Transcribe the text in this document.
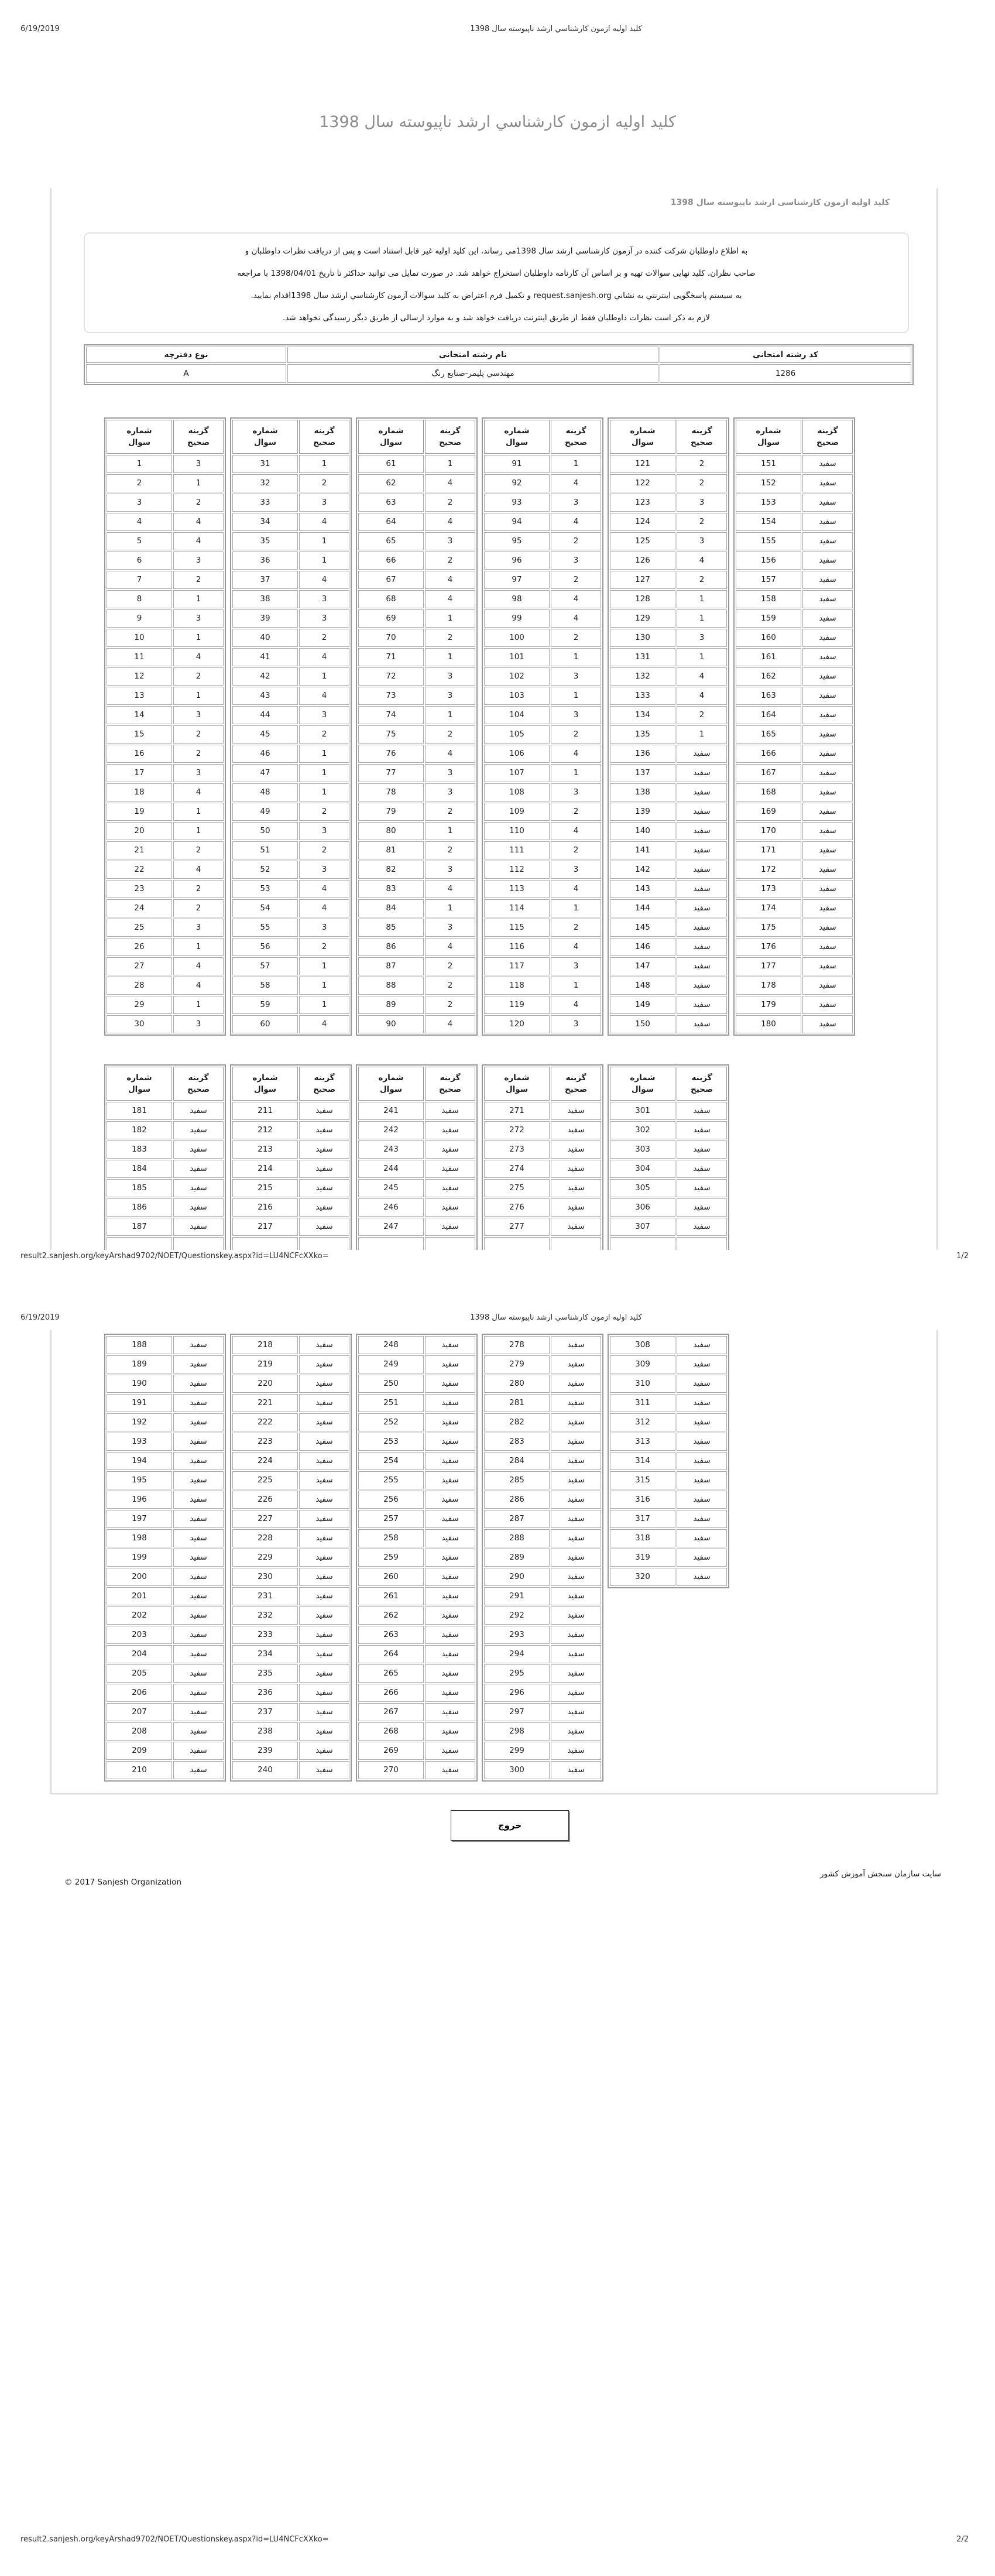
6/19/2019	کلید اولیه ازمون کارشناسي ارشد ناپیوسته سال 1398
کلید اولیه ازمون کارشناسي ارشد ناپیوسته سال 1398
کلید اولیه ازمون کارشناسی ارشد ناپیوسته سال 1398
به اطلاع داوطلبان شرکت کننده در آزمون کارشناسی ارشد سال 1398می رساند، این کلید اولیه غیر قابل استناد است و پس از دریافت نظرات داوطلبان و
صاحب نظران، کلید نهایی سوالات تهیه و بر اساس آن کارنامه داوطلبان استخراج خواهد شد. در صورت تمایل می توانید حداکثر تا تاریخ 1398/04/01 با مراجعه
به سیستم پاسخگویی اینترنتي به نشاني request.sanjesh.org و تکمیل فرم اعتراض به کلید سوالات آزمون کارشناسي ارشد سال 1398اقدام نمایید.
لازم به ذکر است نظرات داوطلبان فقط از طریق اینترنت دریافت خواهد شد و به موارد ارسالی از طریق دیگر رسیدگی نخواهد شد.
کد رشته امتحانی	نام رشته امتحانی	نوع دفترچه
1286	مهندسي پلیمر-صنایع رنگ	A
شماره
سوال	گزینه
صحیح
1	3
2	1
3	2
4	4
5	4
6	3
7	2
8	1
9	3
10	1
11	4
12	2
13	1
14	3
15	2
16	2
17	3
18	4
19	1
20	1
21	2
22	4
23	2
24	2
25	3
26	1
27	4
28	4
29	1
30	3
شماره
سوال	گزینه
صحیح
31	1
32	2
33	3
34	4
35	1
36	1
37	4
38	3
39	3
40	2
41	4
42	1
43	4
44	3
45	2
46	1
47	1
48	1
49	2
50	3
51	2
52	3
53	4
54	4
55	3
56	2
57	1
58	1
59	1
60	4
شماره
سوال	گزینه
صحیح
61	1
62	4
63	2
64	4
65	3
66	2
67	4
68	4
69	1
70	2
71	1
72	3
73	3
74	1
75	2
76	4
77	3
78	3
79	2
80	1
81	2
82	3
83	4
84	1
85	3
86	4
87	2
88	2
89	2
90	4
شماره
سوال	گزینه
صحیح
91	1
92	4
93	3
94	4
95	2
96	3
97	2
98	4
99	4
100	2
101	1
102	3
103	1
104	3
105	2
106	4
107	1
108	3
109	2
110	4
111	2
112	3
113	4
114	1
115	2
116	4
117	3
118	1
119	4
120	3
شماره
سوال	گزینه
صحیح
121	2
122	2
123	3
124	2
125	3
126	4
127	2
128	1
129	1
130	3
131	1
132	4
133	4
134	2
135	1
136	سفید
137	سفید
138	سفید
139	سفید
140	سفید
141	سفید
142	سفید
143	سفید
144	سفید
145	سفید
146	سفید
147	سفید
148	سفید
149	سفید
150	سفید
شماره
سوال	گزینه
صحیح
151	سفید
152	سفید
153	سفید
154	سفید
155	سفید
156	سفید
157	سفید
158	سفید
159	سفید
160	سفید
161	سفید
162	سفید
163	سفید
164	سفید
165	سفید
166	سفید
167	سفید
168	سفید
169	سفید
170	سفید
171	سفید
172	سفید
173	سفید
174	سفید
175	سفید
176	سفید
177	سفید
178	سفید
179	سفید
180	سفید
شماره
سوال	گزینه
صحیح
181	سفید
182	سفید
183	سفید
184	سفید
185	سفید
186	سفید
187	سفید

شماره
سوال	گزینه
صحیح
211	سفید
212	سفید
213	سفید
214	سفید
215	سفید
216	سفید
217	سفید

شماره
سوال	گزینه
صحیح
241	سفید
242	سفید
243	سفید
244	سفید
245	سفید
246	سفید
247	سفید

شماره
سوال	گزینه
صحیح
271	سفید
272	سفید
273	سفید
274	سفید
275	سفید
276	سفید
277	سفید

شماره
سوال	گزینه
صحیح
301	سفید
302	سفید
303	سفید
304	سفید
305	سفید
306	سفید
307	سفید

result2.sanjesh.org/keyArshad9702/NOET/Questionskey.aspx?id=LU4NCFcXXko=	1/2
6/19/2019	کلید اولیه ازمون کارشناسي ارشد ناپیوسته سال 1398
188	سفید
189	سفید
190	سفید
191	سفید
192	سفید
193	سفید
194	سفید
195	سفید
196	سفید
197	سفید
198	سفید
199	سفید
200	سفید
201	سفید
202	سفید
203	سفید
204	سفید
205	سفید
206	سفید
207	سفید
208	سفید
209	سفید
210	سفید
218	سفید
219	سفید
220	سفید
221	سفید
222	سفید
223	سفید
224	سفید
225	سفید
226	سفید
227	سفید
228	سفید
229	سفید
230	سفید
231	سفید
232	سفید
233	سفید
234	سفید
235	سفید
236	سفید
237	سفید
238	سفید
239	سفید
240	سفید
248	سفید
249	سفید
250	سفید
251	سفید
252	سفید
253	سفید
254	سفید
255	سفید
256	سفید
257	سفید
258	سفید
259	سفید
260	سفید
261	سفید
262	سفید
263	سفید
264	سفید
265	سفید
266	سفید
267	سفید
268	سفید
269	سفید
270	سفید
278	سفید
279	سفید
280	سفید
281	سفید
282	سفید
283	سفید
284	سفید
285	سفید
286	سفید
287	سفید
288	سفید
289	سفید
290	سفید
291	سفید
292	سفید
293	سفید
294	سفید
295	سفید
296	سفید
297	سفید
298	سفید
299	سفید
300	سفید
308	سفید
309	سفید
310	سفید
311	سفید
312	سفید
313	سفید
314	سفید
315	سفید
316	سفید
317	سفید
318	سفید
319	سفید
320	سفید
خروج
سایت سازمان سنجش آموزش کشور
© 2017 Sanjesh Organization
result2.sanjesh.org/keyArshad9702/NOET/Questionskey.aspx?id=LU4NCFcXXko=	2/2
